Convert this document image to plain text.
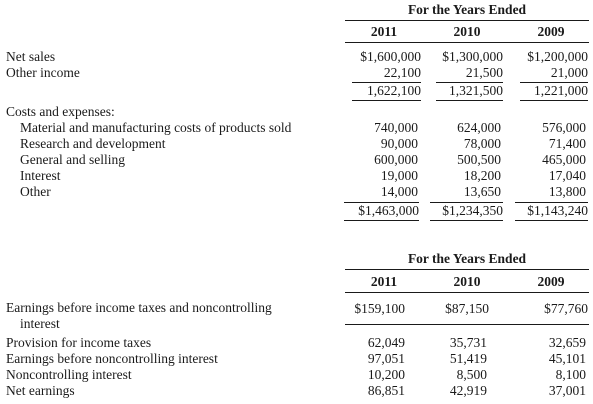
For the Years Ended
2011	2010	2009
Net sales	$1,600,000	$1,300,000	$1,200,000
Other income	22,100	21,500	21,000
1,622,100	1,321,500	1,221,000
Costs and expenses:
Material and manufacturing costs of products sold	740,000	624,000	576,000
Research and development	90,000	78,000	71,400
General and selling	600,000	500,500	465,000
Interest	19,000	18,200	17,040
Other	14,000	13,650	13,800
$1,463,000	$1,234,350	$1,143,240
For the Years Ended
2011	2010	2009
Earnings before income taxes and noncontrolling
interest
$159,100	$87,150	$77,760
Provision for income taxes	62,049	35,731	32,659
Earnings before noncontrolling interest	97,051	51,419	45,101
Noncontrolling interest	10,200	8,500	8,100
Net earnings	86,851	42,919	37,001
